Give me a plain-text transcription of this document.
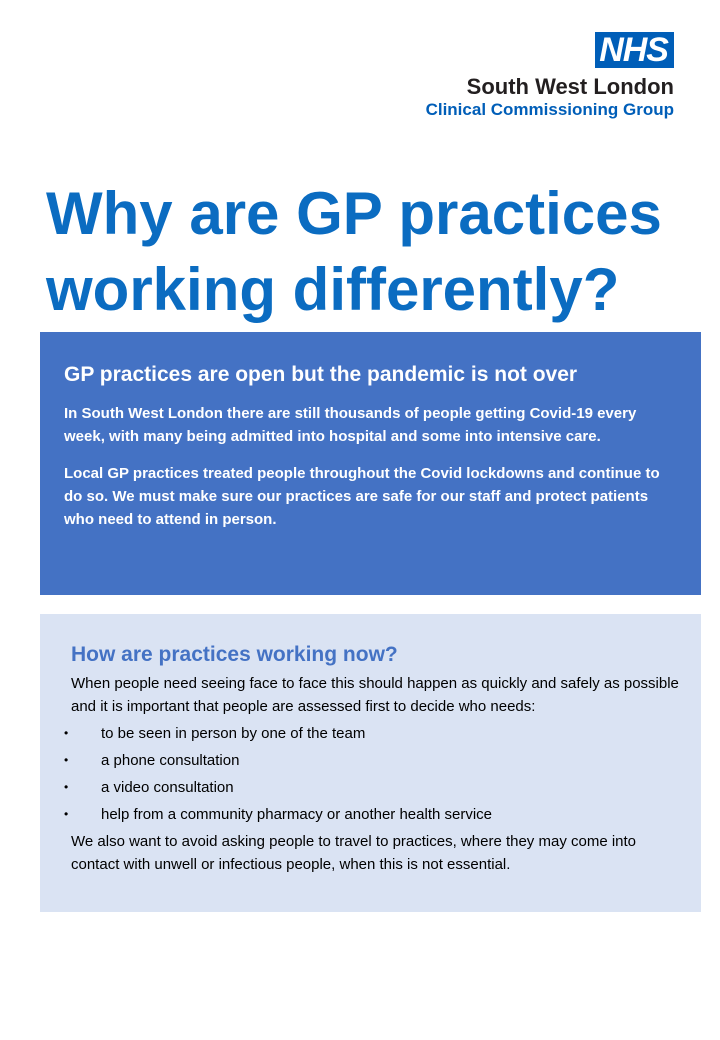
NHS
South West London
Clinical Commissioning Group
Why are GP practices
working differently?
GP practices are open but the pandemic is not over

In South West London there are still thousands of people getting Covid-19 every week, with many being admitted into hospital and some into intensive care.

Local GP practices treated people throughout the Covid lockdowns and continue to do so. We must make sure our practices are safe for our staff and protect patients who need to attend in person.

How are practices working now?

When people need seeing face to face this should happen as quickly and safely as possible and it is important that people are assessed first to decide who needs:

• to be seen in person by one of the team
• a phone consultation
• a video consultation
• help from a community pharmacy or another health service

We also want to avoid asking people to travel to practices, where they may come into contact with unwell or infectious people, when this is not essential.
